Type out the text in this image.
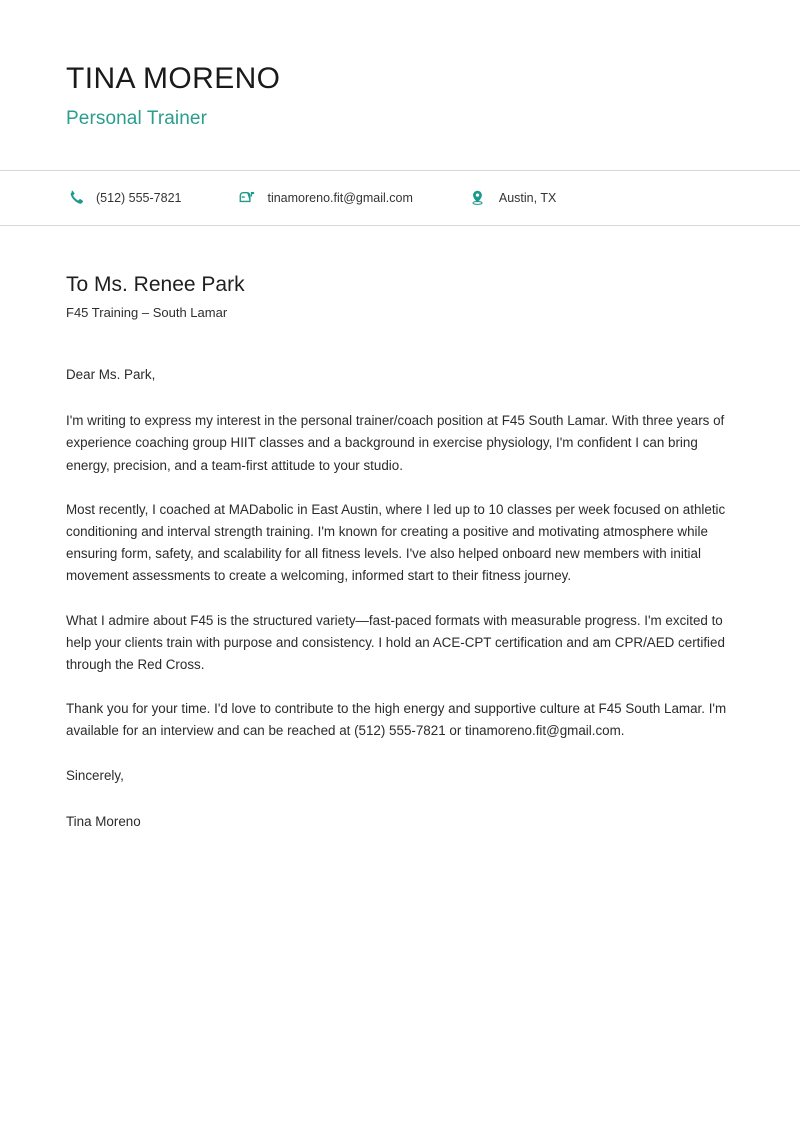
TINA MORENO
Personal Trainer
(512) 555-7821	tinamoreno.fit@gmail.com	Austin, TX
To Ms. Renee Park
F45 Training – South Lamar

Dear Ms. Park,

I'm writing to express my interest in the personal trainer/coach position at F45 South Lamar. With three years of experience coaching group HIIT classes and a background in exercise physiology, I'm confident I can bring energy, precision, and a team-first attitude to your studio.

Most recently, I coached at MADabolic in East Austin, where I led up to 10 classes per week focused on athletic conditioning and interval strength training. I'm known for creating a positive and motivating atmosphere while ensuring form, safety, and scalability for all fitness levels. I've also helped onboard new members with initial movement assessments to create a welcoming, informed start to their fitness journey.

What I admire about F45 is the structured variety—fast-paced formats with measurable progress. I'm excited to help your clients train with purpose and consistency. I hold an ACE-CPT certification and am CPR/AED certified through the Red Cross.

Thank you for your time. I'd love to contribute to the high energy and supportive culture at F45 South Lamar. I'm available for an interview and can be reached at (512) 555-7821 or tinamoreno.fit@gmail.com.

Sincerely,

Tina Moreno
